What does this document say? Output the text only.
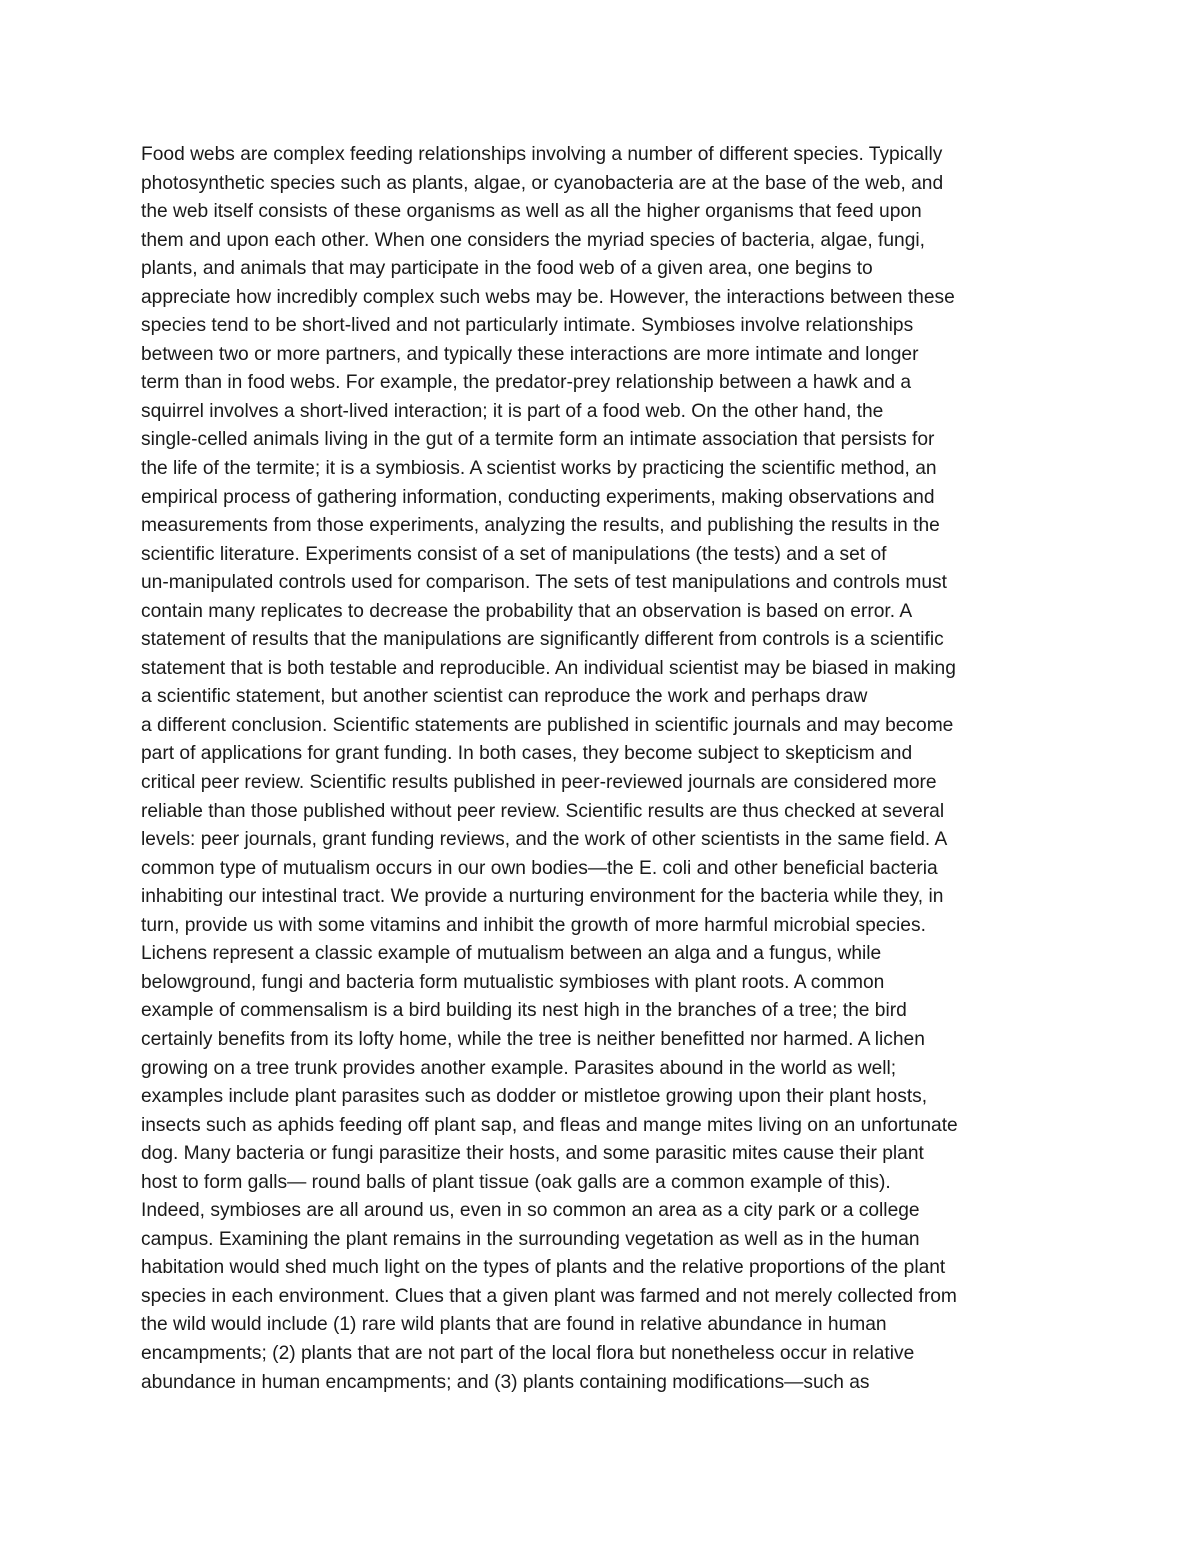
Food webs are complex feeding relationships involving a number of different species. Typically
photosynthetic species such as plants, algae, or cyanobacteria are at the base of the web, and
the web itself consists of these organisms as well as all the higher organisms that feed upon
them and upon each other. When one considers the myriad species of bacteria, algae, fungi,
plants, and animals that may participate in the food web of a given area, one begins to
appreciate how incredibly complex such webs may be. However, the interactions between these
species tend to be short-lived and not particularly intimate. Symbioses involve relationships
between two or more partners, and typically these interactions are more intimate and longer
term than in food webs. For example, the predator-prey relationship between a hawk and a
squirrel involves a short-lived interaction; it is part of a food web. On the other hand, the
single-celled animals living in the gut of a termite form an intimate association that persists for
the life of the termite; it is a symbiosis. A scientist works by practicing the scientific method, an
empirical process of gathering information, conducting experiments, making observations and
measurements from those experiments, analyzing the results, and publishing the results in the
scientific literature. Experiments consist of a set of manipulations (the tests) and a set of
un-manipulated controls used for comparison. The sets of test manipulations and controls must
contain many replicates to decrease the probability that an observation is based on error. A
statement of results that the manipulations are significantly different from controls is a scientific
statement that is both testable and reproducible. An individual scientist may be biased in making
a scientific statement, but another scientist can reproduce the work and perhaps draw
a different conclusion. Scientific statements are published in scientific journals and may become
part of applications for grant funding. In both cases, they become subject to skepticism and
critical peer review. Scientific results published in peer-reviewed journals are considered more
reliable than those published without peer review. Scientific results are thus checked at several
levels: peer journals, grant funding reviews, and the work of other scientists in the same field. A
common type of mutualism occurs in our own bodies—the E. coli and other beneficial bacteria
inhabiting our intestinal tract. We provide a nurturing environment for the bacteria while they, in
turn, provide us with some vitamins and inhibit the growth of more harmful microbial species.
Lichens represent a classic example of mutualism between an alga and a fungus, while
belowground, fungi and bacteria form mutualistic symbioses with plant roots. A common
example of commensalism is a bird building its nest high in the branches of a tree; the bird
certainly benefits from its lofty home, while the tree is neither benefitted nor harmed. A lichen
growing on a tree trunk provides another example. Parasites abound in the world as well;
examples include plant parasites such as dodder or mistletoe growing upon their plant hosts,
insects such as aphids feeding off plant sap, and fleas and mange mites living on an unfortunate
dog. Many bacteria or fungi parasitize their hosts, and some parasitic mites cause their plant
host to form galls— round balls of plant tissue (oak galls are a common example of this).
Indeed, symbioses are all around us, even in so common an area as a city park or a college
campus. Examining the plant remains in the surrounding vegetation as well as in the human
habitation would shed much light on the types of plants and the relative proportions of the plant
species in each environment. Clues that a given plant was farmed and not merely collected from
the wild would include (1) rare wild plants that are found in relative abundance in human
encampments; (2) plants that are not part of the local flora but nonetheless occur in relative
abundance in human encampments; and (3) plants containing modifications—such as
